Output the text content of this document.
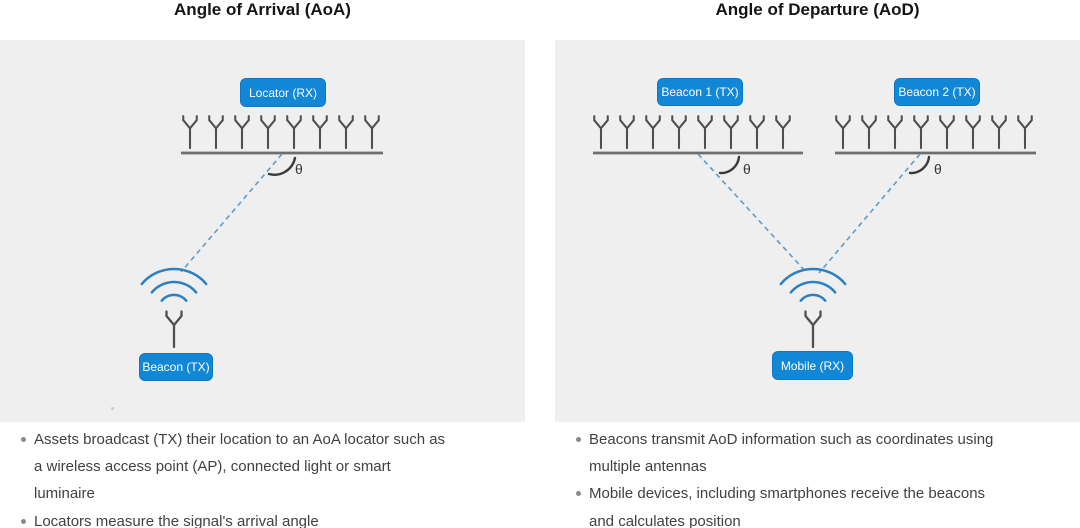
Angle of Arrival (AoA)	Angle of Departure (AoD)
Locator (RX)
Beacon (TX)
θ
Beacon 1 (TX)	Beacon 2 (TX)
Mobile (RX)
θ	θ
Assets broadcast (TX) their location to an AoA locator such as
a wireless access point (AP), connected light or smart
luminaire
Locators measure the signal's arrival angle
Beacons transmit AoD information such as coordinates using
multiple antennas
Mobile devices, including smartphones receive the beacons
and calculates position
